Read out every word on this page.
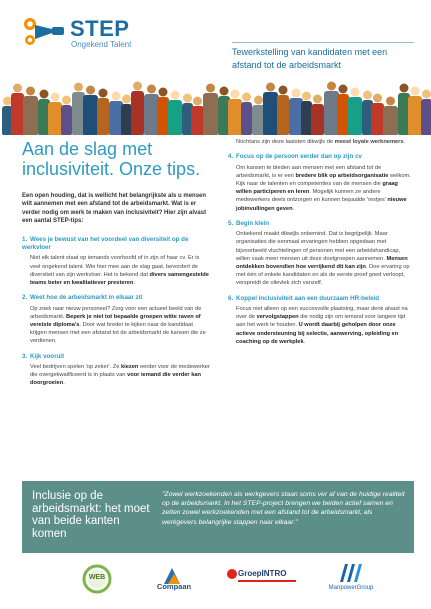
STEP
Ongekend Talent
Tewerkstelling van kandidaten met een afstand tot de arbeidsmarkt
Aan de slag met inclusiviteit. Onze tips.

Een open houding, dat is wellicht het belangrijkste als u mensen wilt aannemen met een afstand tot de arbeidsmarkt. Wat is er verder nodig om werk te maken van inclusiviteit? Hier zijn alvast een aantal STEP-tips:

1. Wees je bewust van het voordeel van diversiteit op de werkvloer

Niet elk talent staat op iemands voorhoofd of in zijn of haar cv. Er is veel ongekend talent. Wie hier mee aan de slag gaat, bevordert de diversiteit van zijn werkvloer. Het is bekend dat divers samengestelde teams beter en kwalitatiever presteren.

2. Weet hoe de arbeidsmarkt in elkaar zit

Op zoek naar nieuw personeel? Zorg voor een actueel beeld van de arbeidsmarkt. Beperk je niet tot bepaalde groepen witte raven of vereiste diploma's. Door wat breder te kijken naar de kandidaat krijgen mensen met een afstand tot de arbeidsmarkt de kansen die ze verdienen.

3. Kijk vooruit

Veel bedrijven spelen 'op zeker'. Ze kiezen eerder voor de medewerker die overgekwalificeerd is in plaats van voor iemand die verder kan doorgroeien.

Nochtans zijn deze laatsten dikwijls de meest loyale werknemers.

4. Focus op de persoon eerder dan op zijn cv

Om kansen te bieden aan mensen met een afstand tot de arbeidsmarkt, is er een bredere blik op arbeidsorganisatie welkom. Kijk naar de talenten en competenties van de mensen die graag willen participeren en leren. Mogelijk kunnen ze andere medewerkers deels ontzorgen en kunnen bepaalde 'restjes' nieuwe jobinvullingen geven.

5. Begin klein

Onbekend maakt dikwijls onbemind. Dat is begrijpelijk. Maar organisaties die eenmaal ervaringen hebben opgedaan met bijvoorbeeld vluchtelingen of personen met een arbeidshandicap, willen vaak meer mensen uit deze doelgroepen aannemen. Mensen ontdekken bovendien hoe verrijkend dit kan zijn. Doe ervaring op met één of enkele kandidaten en als de eerste proef goed verloopt, verspreidt de olievlek zich vanzelf.

6. Koppel inclusiviteit aan een duurzaam HR-beleid

Focus niet alleen op een succesvolle plaatsing, maar denk alvast na over de vervolgstappen die nodig zijn om iemand voor langere tijd aan het werk te houden. U wordt daarbij geholpen door onze actieve ondersteuning bij selectie, aanwerving, opleiding en coaching op de werkplek.

Inclusie op de arbeidsmarkt: het moet van beide kanten komen
"Zowel werkzoekenden als werkgevers staan soms ver af van de huidige realiteit op de arbeidsmarkt. In het STEP-project brengen we beiden actief samen en zetten zowel werkzoekenden met een afstand tot de arbeidsmarkt, als werkgevers belangrijke stappen naar elkaar."
WEB
Compaan
GroepINTRO
ManpowerGroup
